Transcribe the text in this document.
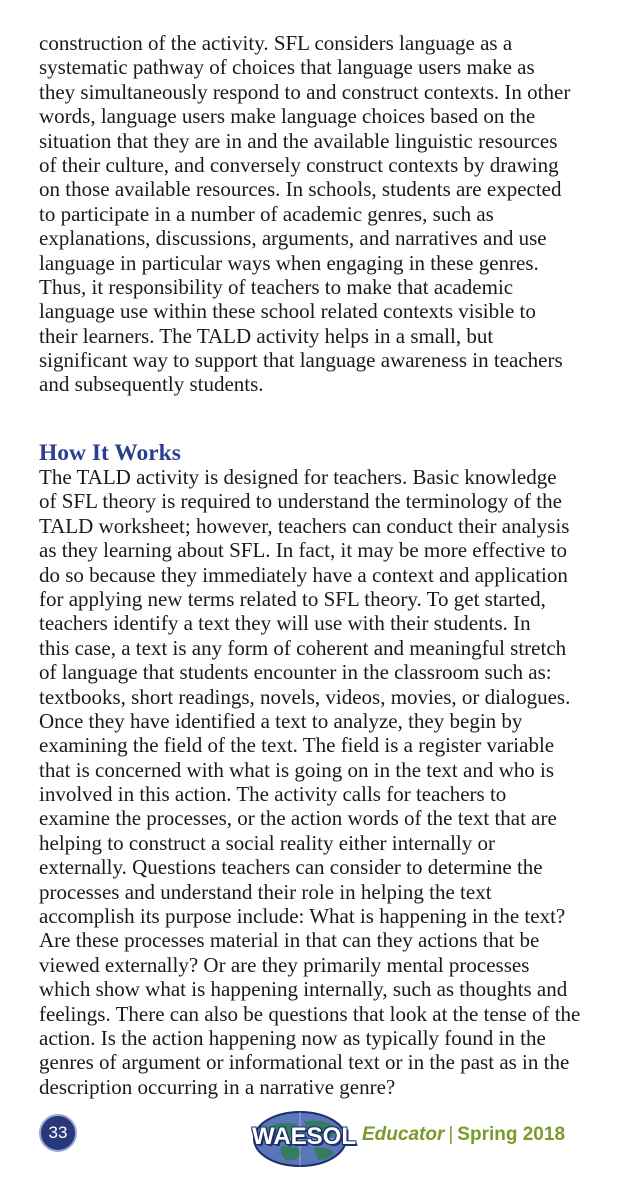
construction of the activity. SFL considers language as a
systematic pathway of choices that language users make as
they simultaneously respond to and construct contexts. In other
words, language users make language choices based on the
situation that they are in and the available linguistic resources
of their culture, and conversely construct contexts by drawing
on those available resources. In schools, students are expected
to participate in a number of academic genres, such as
explanations, discussions, arguments, and narratives and use
language in particular ways when engaging in these genres.
Thus, it responsibility of teachers to make that academic
language use within these school related contexts visible to
their learners. The TALD activity helps in a small, but
significant way to support that language awareness in teachers
and subsequently students.
How It Works
The TALD activity is designed for teachers. Basic knowledge
of SFL theory is required to understand the terminology of the
TALD worksheet; however, teachers can conduct their analysis
as they learning about SFL. In fact, it may be more effective to
do so because they immediately have a context and application
for applying new terms related to SFL theory. To get started,
teachers identify a text they will use with their students. In
this case, a text is any form of coherent and meaningful stretch
of language that students encounter in the classroom such as:
textbooks, short readings, novels, videos, movies, or dialogues.
Once they have identified a text to analyze, they begin by
examining the field of the text. The field is a register variable
that is concerned with what is going on in the text and who is
involved in this action. The activity calls for teachers to
examine the processes, or the action words of the text that are
helping to construct a social reality either internally or
externally. Questions teachers can consider to determine the
processes and understand their role in helping the text
accomplish its purpose include: What is happening in the text?
Are these processes material in that can they actions that be
viewed externally? Or are they primarily mental processes
which show what is happening internally, such as thoughts and
feelings. There can also be questions that look at the tense of the
action. Is the action happening now as typically found in the
genres of argument or informational text or in the past as in the
description occurring in a narrative genre?
33	WAESOL Educator | Spring 2018
